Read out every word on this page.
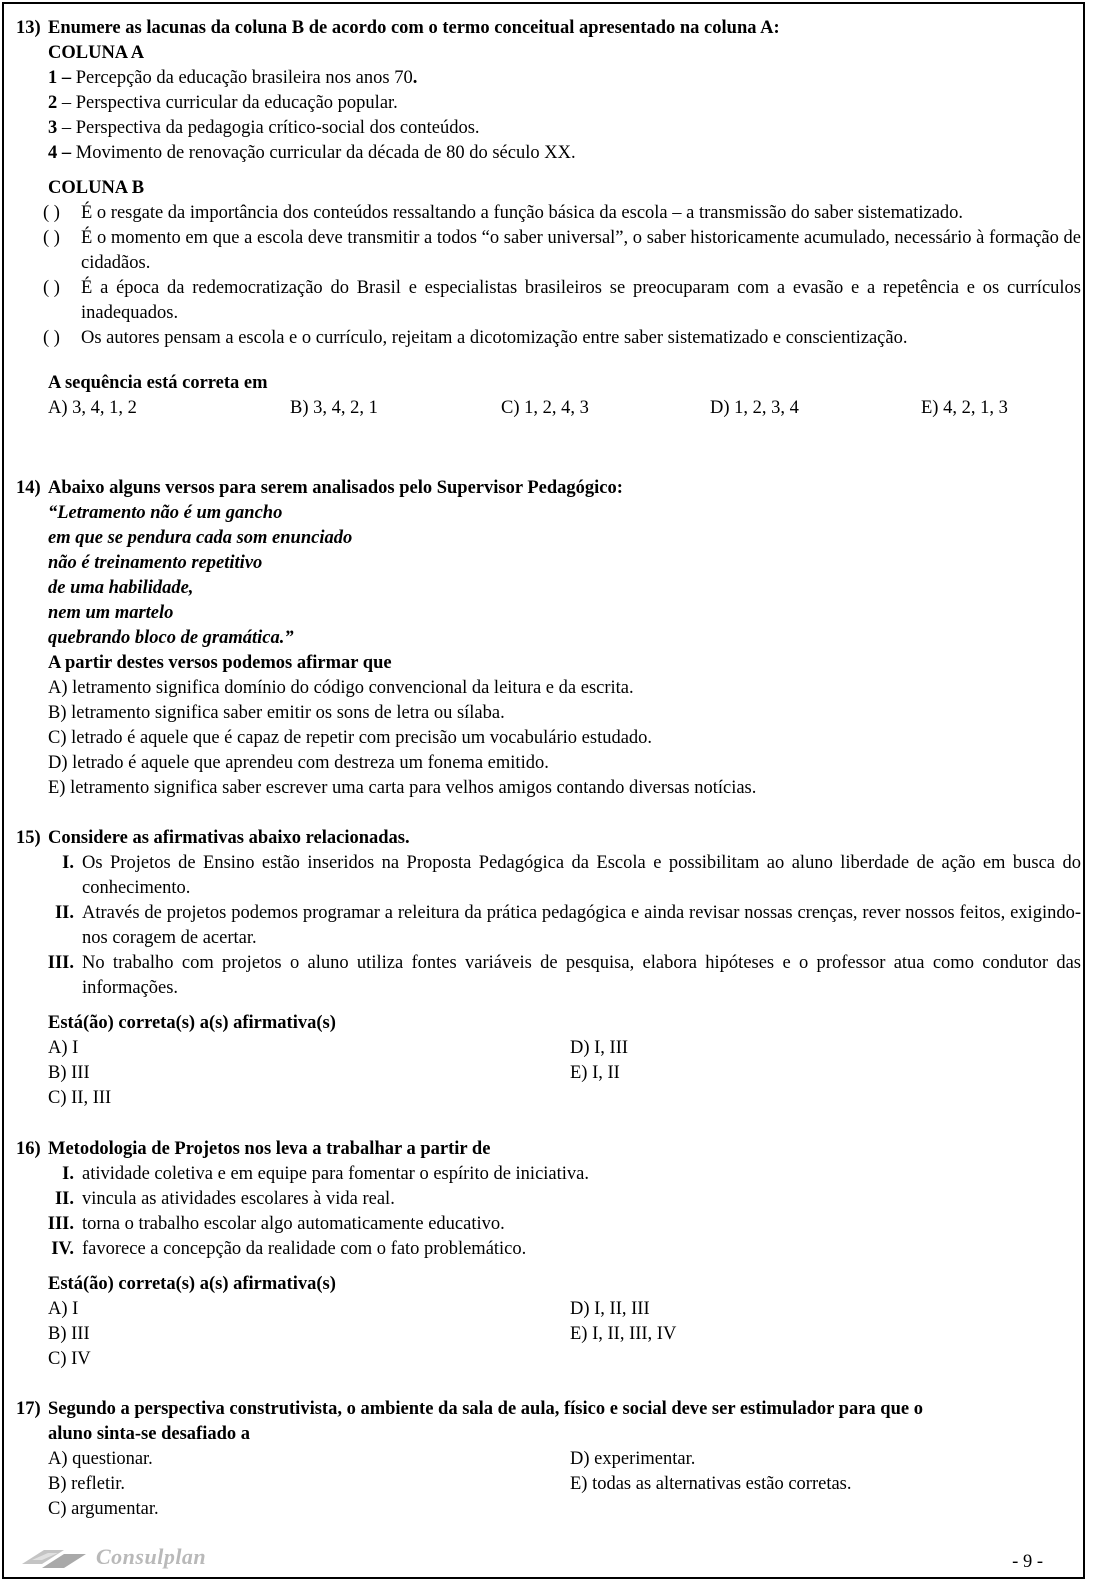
13) Enumere as lacunas da coluna B de acordo com o termo conceitual apresentado na coluna A:
COLUNA A
1 – Percepção da educação brasileira nos anos 70.
2 – Perspectiva curricular da educação popular.
3 – Perspectiva da pedagogia crítico-social dos conteúdos.
4 – Movimento de renovação curricular da década de 80 do século XX.
COLUNA B
( )	É o resgate da importância dos conteúdos ressaltando a função básica da escola – a transmissão do saber sistematizado.
( )	É o momento em que a escola deve transmitir a todos “o saber universal”, o saber historicamente acumulado, necessário à formação de cidadãos.
( )	É a época da redemocratização do Brasil e especialistas brasileiros se preocuparam com a evasão e a repetência e os currículos inadequados.
( )	Os autores pensam a escola e o currículo, rejeitam a dicotomização entre saber sistematizado e conscientização.
A sequência está correta em
A) 3, 4, 1, 2	B) 3, 4, 2, 1	C) 1, 2, 4, 3	D) 1, 2, 3, 4	E) 4, 2, 1, 3
14) Abaixo alguns versos para serem analisados pelo Supervisor Pedagógico:
“Letramento não é um gancho
em que se pendura cada som enunciado
não é treinamento repetitivo
de uma habilidade,
nem um martelo
quebrando bloco de gramática.”
A partir destes versos podemos afirmar que
A) letramento significa domínio do código convencional da leitura e da escrita.
B) letramento significa saber emitir os sons de letra ou sílaba.
C) letrado é aquele que é capaz de repetir com precisão um vocabulário estudado.
D) letrado é aquele que aprendeu com destreza um fonema emitido.
E) letramento significa saber escrever uma carta para velhos amigos contando diversas notícias.
15) Considere as afirmativas abaixo relacionadas.
I. Os Projetos de Ensino estão inseridos na Proposta Pedagógica da Escola e possibilitam ao aluno liberdade de ação em busca do conhecimento.
II. Através de projetos podemos programar a releitura da prática pedagógica e ainda revisar nossas crenças, rever nossos feitos, exigindo-nos coragem de acertar.
III. No trabalho com projetos o aluno utiliza fontes variáveis de pesquisa, elabora hipóteses e o professor atua como condutor das informações.
Está(ão) correta(s) a(s) afirmativa(s)
A) I	D) I, III
B) III	E) I, II
C) II, III
16) Metodologia de Projetos nos leva a trabalhar a partir de
I. atividade coletiva e em equipe para fomentar o espírito de iniciativa.
II. vincula as atividades escolares à vida real.
III. torna o trabalho escolar algo automaticamente educativo.
IV. favorece a concepção da realidade com o fato problemático.
Está(ão) correta(s) a(s) afirmativa(s)
A) I	D) I, II, III
B) III	E) I, II, III, IV
C) IV
17) Segundo a perspectiva construtivista, o ambiente da sala de aula, físico e social deve ser estimulador para que o
aluno sinta-se desafiado a
A) questionar.	D) experimentar.
B) refletir.	E) todas as alternativas estão corretas.
C) argumentar.
Consulplan	- 9 -
